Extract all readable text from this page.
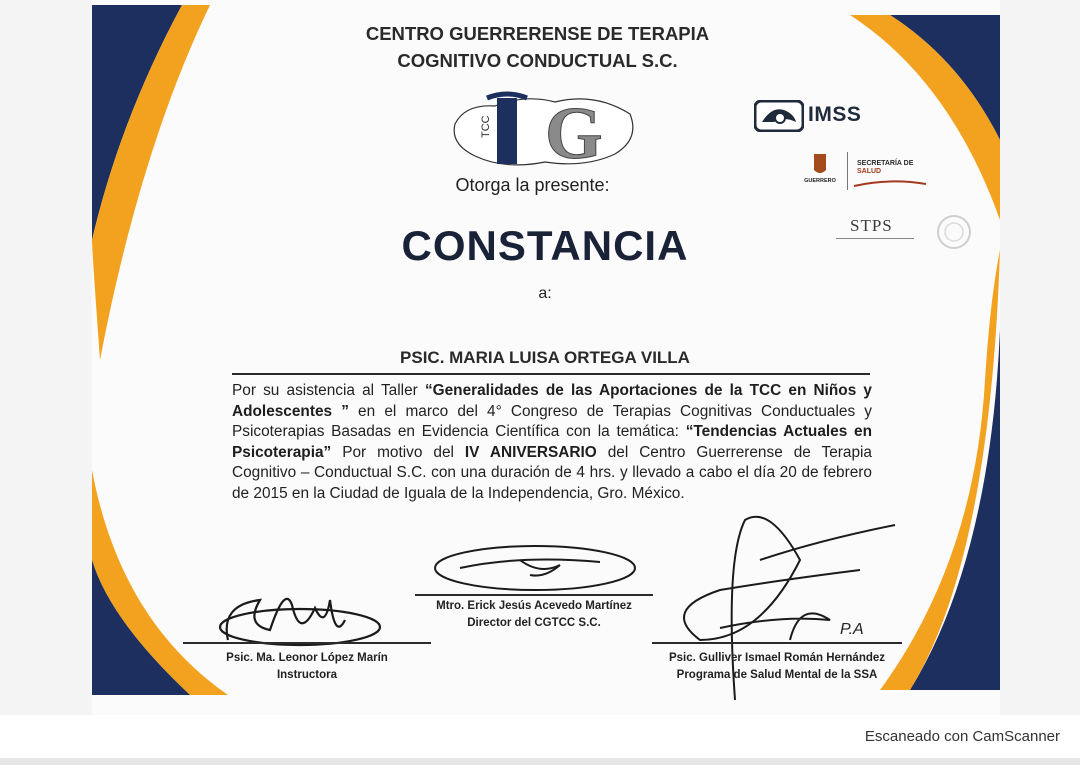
CENTRO GUERRERENSE DE TERAPIA
COGNITIVO CONDUCTUAL S.C.
G
TCC
Otorga la presente:
CONSTANCIA
a:
PSIC. MARIA LUISA ORTEGA VILLA
Por su asistencia al Taller “Generalidades de las Aportaciones de la TCC en Niños y Adolescentes ” en el marco del 4° Congreso de Terapias Cognitivas Conductuales y Psicoterapias Basadas en Evidencia Científica con la temática: “Tendencias Actuales en Psicoterapia” Por motivo del IV ANIVERSARIO del Centro Guerrerense de Terapia Cognitivo – Conductual S.C. con una duración de 4 hrs. y llevado a cabo el día 20 de febrero de 2015 en la Ciudad de Iguala de la Independencia, Gro. México.
IMSS
GUERRERO
SECRETARÍA DE
SALUD
STPS
P.A
Mtro. Erick Jesús Acevedo Martínez
Director del CGTCC S.C.
Psic. Ma. Leonor López Marín
Instructora
Psic. Gulliver Ismael Román Hernández
Programa de Salud Mental de la SSA
Escaneado con CamScanner
